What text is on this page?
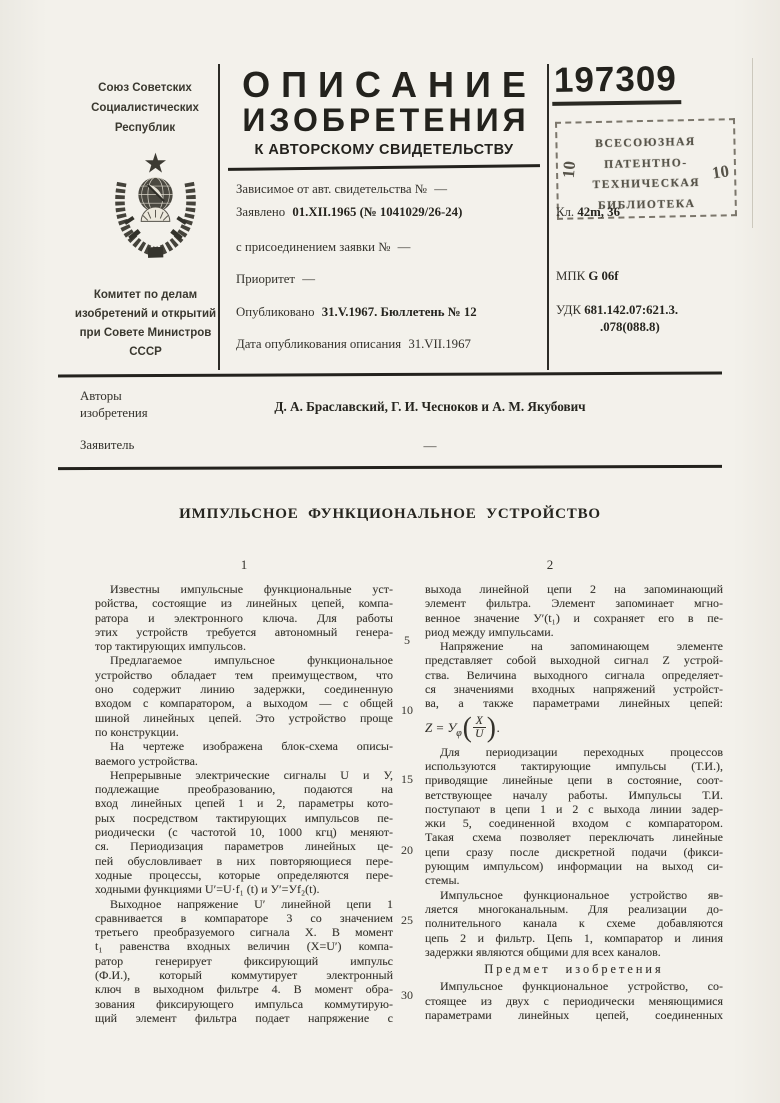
Союз Советских
Социалистических
Республик
Комитет по делам
изобретений и открытий
при Совете Министров
СССР
ОПИСАНИЕ
ИЗОБРЕТЕНИЯ
К АВТОРСКОМУ СВИДЕТЕЛЬСТВУ
Зависимое от авт. свидетельства № —
Заявлено 01.XII.1965 (№ 1041029/26-24)
с присоединением заявки № —
Приоритет —
Опубликовано 31.V.1967. Бюллетень № 12
Дата опубликования описания 31.VII.1967
197309
ВСЕСОЮЗНАЯ
ПАТЕНТНО-
ТЕХНИЧЕСКАЯ
БИБЛИОТЕКА
10	10
Кл. 42m, 36
МПК G 06f
УДК 681.142.07:621.3.
.078(088.8)
Авторы
изобретения	Д. А. Браславский, Г. И. Чесноков и А. М. Якубович
Заявитель	—
ИМПУЛЬСНОЕ ФУНКЦИОНАЛЬНОЕ УСТРОЙСТВО
1	2
5
10
15
20
25
30
Известны импульсные функциональные уст-
ройства, состоящие из линейных цепей, компа-
ратора и электронного ключа. Для работы
этих устройств требуется автономный генера-
тор тактирующих импульсов.
Предлагаемое импульсное функциональное
устройство обладает тем преимуществом, что
оно содержит линию задержки, соединенную
входом с компаратором, а выходом — с общей
шиной линейных цепей. Это устройство проще
по конструкции.
На чертеже изображена блок-схема описы-
ваемого устройства.
Непрерывные электрические сигналы U и У,
подлежащие преобразованию, подаются на
вход линейных цепей 1 и 2, параметры кото-
рых посредством тактирующих импульсов пе-
риодически (с частотой 10, 1000 кгц) меняют-
ся. Периодизация параметров линейных це-
пей обусловливает в них повторяющиеся пере-
ходные процессы, которые определяются пере-
ходными функциями U′=U·f₁ (t) и У′=Уf₂(t).
Выходное напряжение U′ линейной цепи 1
сравнивается в компараторе 3 со значением
третьего преобразуемого сигнала X. В момент
t₁ равенства входных величин (X=U′) компа-
ратор генерирует фиксирующий импульс
(Ф.И.), который коммутирует электронный
ключ в выходном фильтре 4. В момент обра-
зования фиксирующего импульса коммутирую-
щий элемент фильтра подает напряжение с
выхода линейной цепи 2 на запоминающий
элемент фильтра. Элемент запоминает мгно-
венное значение У′(t₁) и сохраняет его в пе-
риод между импульсами.
Напряжение на запоминающем элементе
представляет собой выходной сигнал Z устрой-
ства. Величина выходного сигнала определяет-
ся значениями входных напряжений устройст-
ва, а также параметрами линейных цепей:
$Z = У_\varphi$ ( $\frac{X}{U}$ ) .
Для периодизации переходных процессов
используются тактирующие импульсы (Т.И.),
приводящие линейные цепи в состояние, соот-
ветствующее началу работы. Импульсы Т.И.
поступают в цепи 1 и 2 с выхода линии задер-
жки 5, соединенной входом с компаратором.
Такая схема позволяет переключать линейные
цепи сразу после дискретной подачи (фикси-
рующим импульсом) информации на выход си-
стемы.
Импульсное функциональное устройство яв-
ляется многоканальным. Для реализации до-
полнительного канала к схеме добавляются
цепь 2 и фильтр. Цепь 1, компаратор и линия
задержки являются общими для всех каналов.
Предмет изобретения
Импульсное функциональное устройство, со-
стоящее из двух с периодически меняющимися
параметрами линейных цепей, соединенных
